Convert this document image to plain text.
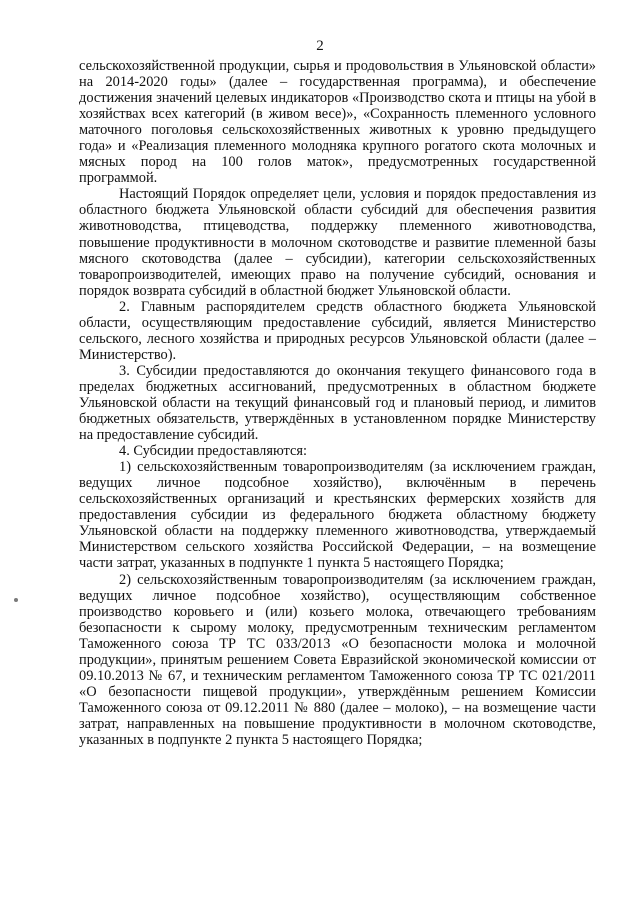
2

сельскохозяйственной продукции, сырья и продовольствия в Ульяновской области» на 2014-2020 годы» (далее – государственная программа), и обеспечение достижения значений целевых индикаторов «Производство скота и птицы на убой в хозяйствах всех категорий (в живом весе)», «Сохранность племенного условного маточного поголовья сельскохозяйственных животных к уровню предыдущего года» и «Реализация племенного молодняка крупного рогатого скота молочных и мясных пород на 100 голов маток», предусмотренных государственной программой.

Настоящий Порядок определяет цели, условия и порядок предоставления из областного бюджета Ульяновской области субсидий для обеспечения развития животноводства, птицеводства, поддержку племенного животноводства, повышение продуктивности в молочном скотоводстве и развитие племенной базы мясного скотоводства (далее – субсидии), категории сельскохозяйственных товаропроизводителей, имеющих право на получение субсидий, основания и порядок возврата субсидий в областной бюджет Ульяновской области.

2. Главным распорядителем средств областного бюджета Ульяновской области, осуществляющим предоставление субсидий, является Министерство сельского, лесного хозяйства и природных ресурсов Ульяновской области (далее – Министерство).

3. Субсидии предоставляются до окончания текущего финансового года в пределах бюджетных ассигнований, предусмотренных в областном бюджете Ульяновской области на текущий финансовый год и плановый период, и лимитов бюджетных обязательств, утверждённых в установленном порядке Министерству на предоставление субсидий.

4. Субсидии предоставляются:

1) сельскохозяйственным товаропроизводителям (за исключением граждан, ведущих личное подсобное хозяйство), включённым в перечень сельскохозяйственных организаций и крестьянских фермерских хозяйств для предоставления субсидии из федерального бюджета областному бюджету Ульяновской области на поддержку племенного животноводства, утверждаемый Министерством сельского хозяйства Российской Федерации, – на возмещение части затрат, указанных в подпункте 1 пункта 5 настоящего Порядка;

2) сельскохозяйственным товаропроизводителям (за исключением граждан, ведущих личное подсобное хозяйство), осуществляющим собственное производство коровьего и (или) козьего молока, отвечающего требованиям безопасности к сырому молоку, предусмотренным техническим регламентом Таможенного союза ТР ТС 033/2013 «О безопасности молока и молочной продукции», принятым решением Совета Евразийской экономической комиссии от 09.10.2013 № 67, и техническим регламентом Таможенного союза ТР ТС 021/2011 «О безопасности пищевой продукции», утверждённым решением Комиссии Таможенного союза от 09.12.2011 № 880 (далее – молоко), – на возмещение части затрат, направленных на повышение продуктивности в молочном скотоводстве, указанных в подпункте 2 пункта 5 настоящего Порядка;
